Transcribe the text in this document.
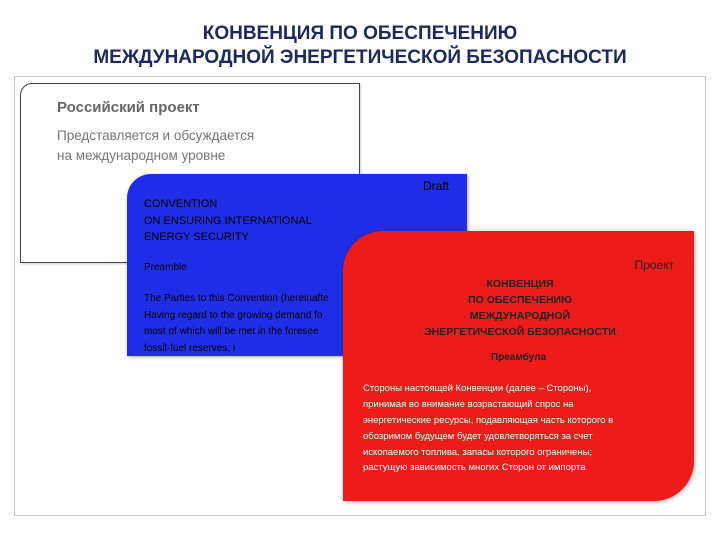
КОНВЕНЦИЯ ПО ОБЕСПЕЧЕНИЮ
МЕЖДУНАРОДНОЙ ЭНЕРГЕТИЧЕСКОЙ БЕЗОПАСНОСТИ
Российский проект
Представляется и обсуждается
на международном уровне
Draft
CONVENTION
ON ENSURING INTERNATIONAL
ENERGY SECURITY
Preamble
The Parties to this Convention (hereinafte
Having regard to the growing demand fo
most of which will be met in the foresee
fossil-fuel reserves; i
Проект
КОНВЕНЦИЯ
ПО ОБЕСПЕЧЕНИЮ
МЕЖДУНАРОДНОЙ
ЭНЕРГЕТИЧЕСКОЙ БЕЗОПАСНОСТИ
Преамбула
Стороны настоящей Конвенции (далее – Стороны),
принимая во внимание возрастающий спрос на
энергетические ресурсы, подавляющая часть которого в
обозримом будущем будет удовлетворяться за счет
ископаемого топлива, запасы которого ограничены;
растущую зависимость многих Сторон от импорта
